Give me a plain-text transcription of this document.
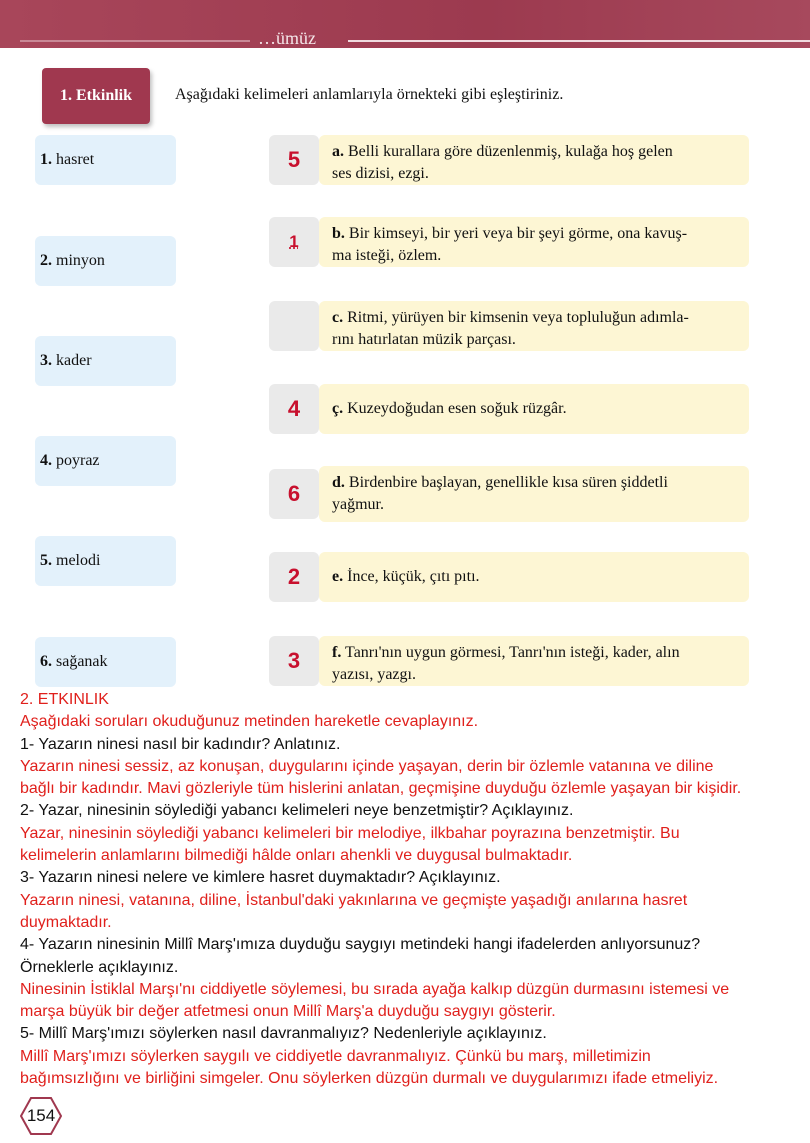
…ümüz
1. Etkinlik	Aşağıdaki kelimeleri anlamlarıyla örnekteki gibi eşleştiriniz.
1. hasret
2. minyon
3. kader
4. poyraz
5. melodi
6. sağanak
5
1
4
6
2
3
a. Belli kurallara göre düzenlenmiş, kulağa hoş gelen
ses dizisi, ezgi.
b. Bir kimseyi, bir yeri veya bir şeyi görme, ona kavuş-
ma isteği, özlem.
c. Ritmi, yürüyen bir kimsenin veya topluluğun adımla-
rını hatırlatan müzik parçası.
ç. Kuzeydoğudan esen soğuk rüzgâr.
d. Birdenbire başlayan, genellikle kısa süren şiddetli
yağmur.
e. İnce, küçük, çıtı pıtı.
f. Tanrı'nın uygun görmesi, Tanrı'nın isteği, kader, alın
yazısı, yazgı.
2. ETKINLIK
Aşağıdaki soruları okuduğunuz metinden hareketle cevaplayınız.
1- Yazarın ninesi nasıl bir kadındır? Anlatınız.
Yazarın ninesi sessiz, az konuşan, duygularını içinde yaşayan, derin bir özlemle vatanına ve diline
bağlı bir kadındır. Mavi gözleriyle tüm hislerini anlatan, geçmişine duyduğu özlemle yaşayan bir kişidir.
2- Yazar, ninesinin söylediği yabancı kelimeleri neye benzetmiştir? Açıklayınız.
Yazar, ninesinin söylediği yabancı kelimeleri bir melodiye, ilkbahar poyrazına benzetmiştir. Bu
kelimelerin anlamlarını bilmediği hâlde onları ahenkli ve duygusal bulmaktadır.
3- Yazarın ninesi nelere ve kimlere hasret duymaktadır? Açıklayınız.
Yazarın ninesi, vatanına, diline, İstanbul'daki yakınlarına ve geçmişte yaşadığı anılarına hasret
duymaktadır.
4- Yazarın ninesinin Millî Marş'ımıza duyduğu saygıyı metindeki hangi ifadelerden anlıyorsunuz?
Örneklerle açıklayınız.
Ninesinin İstiklal Marşı'nı ciddiyetle söylemesi, bu sırada ayağa kalkıp düzgün durmasını istemesi ve
marşa büyük bir değer atfetmesi onun Millî Marş'a duyduğu saygıyı gösterir.
5- Millî Marş'ımızı söylerken nasıl davranmalıyız? Nedenleriyle açıklayınız.
Millî Marş'ımızı söylerken saygılı ve ciddiyetle davranmalıyız. Çünkü bu marş, milletimizin
bağımsızlığını ve birliğini simgeler. Onu söylerken düzgün durmalı ve duygularımızı ifade etmeliyiz.
154
